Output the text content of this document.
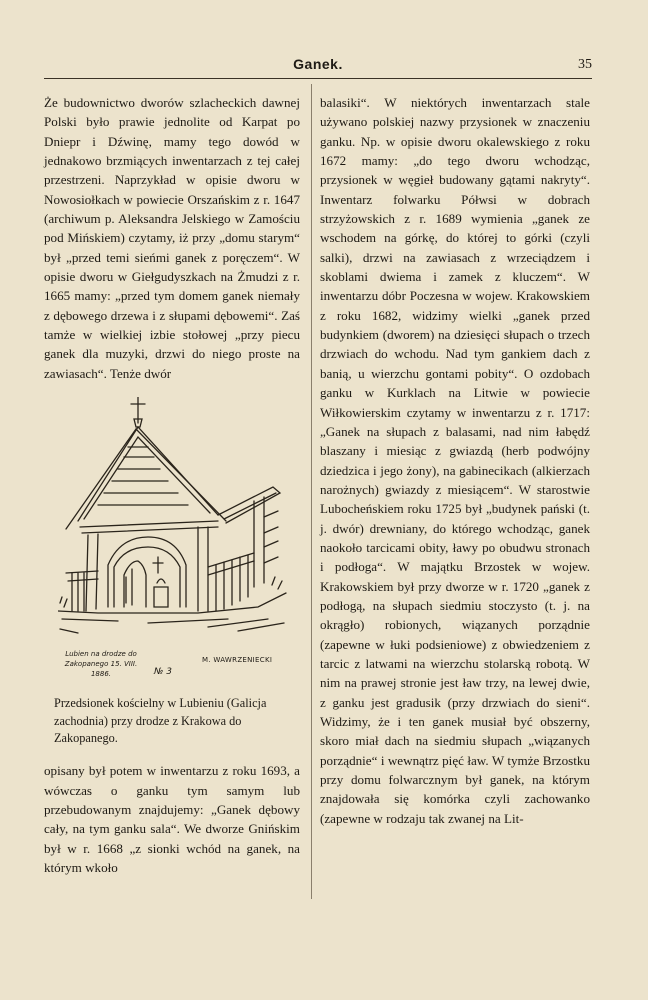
Ganek.	35

Że budownictwo dworów szlacheckich dawnej Polski było prawie jednolite od Karpat po Dniepr i Dźwinę, mamy tego dowód w jednakowo brzmiących inwentarzach z tej całej przestrzeni. Naprzykład w opisie dworu w Nowosiołkach w powiecie Orszańskim z r. 1647 (archiwum p. Aleksandra Jelskiego w Zamościu pod Mińskiem) czytamy, iż przy „domu starym“ był „przed temi sieńmi ganek z poręczem“. W opisie dworu w Giełgudyszkach na Żmudzi z r. 1665 mamy: „przed tym domem ganek niemały z dębowego drzewa i z słupami dębowemi“. Zaś tamże w wielkiej izbie stołowej „przy piecu ganek dla muzyki, drzwi do niego proste na zawiasach“. Tenże dwór

Lubien na drodze do Zakopanego 15. VIII. 1886.	№ 3
M. WAWRZENIECKI
Przedsionek kościelny w Lubieniu (Galicja zachodnia) przy drodze z Krakowa do Zakopanego.

opisany był potem w inwentarzu z roku 1693, a wówczas o ganku tym samym lub przebudowanym znajdujemy: „Ganek dębowy cały, na tym ganku sala“. We dworze Gnińskim był w r. 1668 „z sionki wchód na ganek, na którym wkoło

balasiki“. W niektórych inwentarzach stale używano polskiej nazwy przysionek w znaczeniu ganku. Np. w opisie dworu okalewskiego z roku 1672 mamy: „do tego dworu wchodząc, przysionek w węgieł budowany gątami nakryty“. Inwentarz folwarku Półwsi w dobrach strzyżowskich z r. 1689 wymienia „ganek ze wschodem na górkę, do której to górki (czyli salki), drzwi na zawiasach z wrzeciądzem i skoblami dwiema i zamek z kluczem“. W inwentarzu dóbr Poczesna w wojew. Krakowskiem z roku 1682, widzimy wielki „ganek przed budynkiem (dworem) na dziesięci słupach o trzech drzwiach do wchodu. Nad tym gankiem dach z banią, u wierzchu gontami pobity“. O ozdobach ganku w Kurklach na Litwie w powiecie Wiłkowierskim czytamy w inwentarzu z r. 1717: „Ganek na słupach z balasami, nad nim łabędź blaszany i miesiąc z gwiazdą (herb podwójny dziedzica i jego żony), na gabinecikach (alkierzach narożnych) gwiazdy z miesiącem“. W starostwie Lubocheńskiem roku 1725 był „budynek pański (t. j. dwór) drewniany, do którego wchodząc, ganek naokoło tarcicami obity, ławy po obudwu stronach i podłoga“. W majątku Brzostek w wojew. Krakowskiem był przy dworze w r. 1720 „ganek z podłogą, na słupach siedmiu stoczysto (t. j. na okrągło) robionych, wiązanych porządnie (zapewne w łuki podsieniowe) z obwiedzeniem z tarcic z latwami na wierzchu stolarską robotą. W nim na prawej stronie jest ław trzy, na lewej dwie, z ganku jest gradusik (przy drzwiach do sieni“. Widzimy, że i ten ganek musiał być obszerny, skoro miał dach na siedmiu słupach „wiązanych porządnie“ i wewnątrz pięć ław. W tymże Brzostku przy domu folwarcznym był ganek, na którym znajdowała się komórka czyli zachowanko (zapewne w rodzaju tak zwanej na Lit-
